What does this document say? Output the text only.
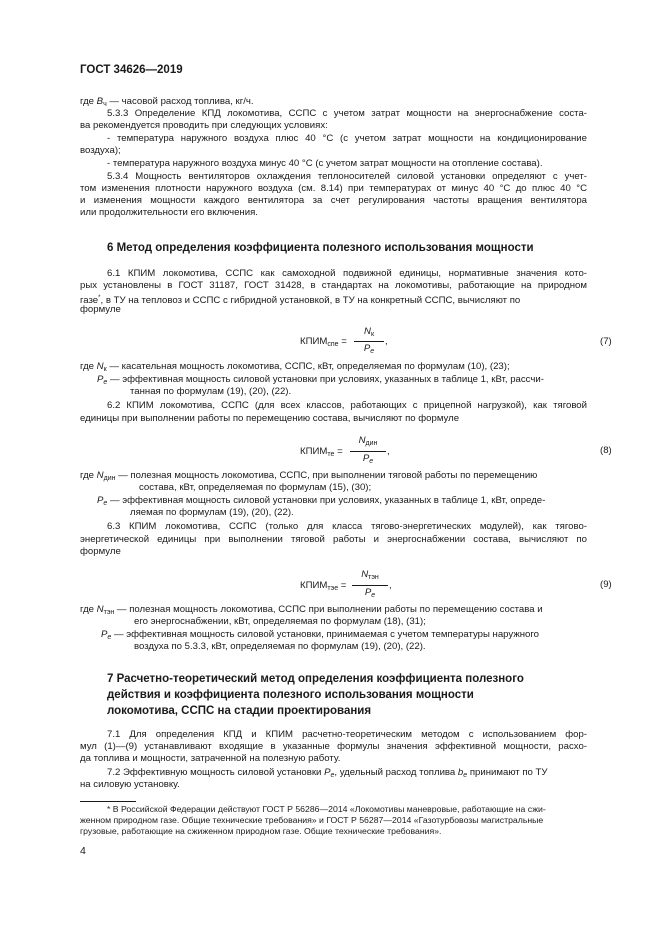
ГОСТ 34626—2019
где $B_ч$ — часовой расход топлива, кг/ч.
5.3.3 Определение КПД локомотива, ССПС с учетом затрат мощности на энергоснабжение соста-
ва рекомендуется проводить при следующих условиях:
- температура наружного воздуха плюс 40 °С (с учетом затрат мощности на кондиционирование
воздуха);
- температура наружного воздуха минус 40 °С (с учетом затрат мощности на отопление состава).
5.3.4 Мощность вентиляторов охлаждения теплоносителей силовой установки определяют с учет-
том изменения плотности наружного воздуха (см. 8.14) при температурах от минус 40 °С до плюс 40 °С
и изменения мощности каждого вентилятора за счет регулирования частоты вращения вентилятора
или продолжительности его включения.
6 Метод определения коэффициента полезного использования мощности
6.1 КПИМ локомотива, ССПС как самоходной подвижной единицы, нормативные значения кото-
рых установлены в ГОСТ 31187, ГОСТ 31428, в стандартах на локомотивы, работающие на природном
газе*, в ТУ на тепловоз и ССПС с гибридной установкой, в ТУ на конкретный ССПС, вычисляют по
формуле
$КПИМ_{спе}$ =
$N_к$
$P_e$
,	(7)
где $N_к$ — касательная мощность локомотива, ССПС, кВт, определяемая по формулам (10), (23);
$P_e$ — эффективная мощность силовой установки при условиях, указанных в таблице 1, кВт, рассчи-
танная по формулам (19), (20), (22).
6.2 КПИМ локомотива, ССПС (для всех классов, работающих с прицепной нагрузкой), как тяговой
единицы при выполнении работы по перемещению состава, вычисляют по формуле
$КПИМ_{те}$ =
$N_{дин}$
$P_e$
,	(8)
где $N_{дин}$ — полезная мощность локомотива, ССПС, при выполнении тяговой работы по перемещению
состава, кВт, определяемая по формулам (15), (30);
$P_e$ — эффективная мощность силовой установки при условиях, указанных в таблице 1, кВт, опреде-
ляемая по формулам (19), (20), (22).
6.3 КПИМ локомотива, ССПС (только для класса тягово-энергетических модулей), как тягово-
энергетической единицы при выполнении тяговой работы и энергоснабжении состава, вычисляют по
формуле
$КПИМ_{тэе}$ =
$N_{тэн}$
$P_e$
,	(9)
где $N_{тэн}$ — полезная мощность локомотива, ССПС при выполнении работы по перемещению состава и
его энергоснабжении, кВт, определяемая по формулам (18), (31);
$P_e$ — эффективная мощность силовой установки, принимаемая с учетом температуры наружного
воздуха по 5.3.3, кВт, определяемая по формулам (19), (20), (22).
7 Расчетно-теоретический метод определения коэффициента полезного
действия и коэффициента полезного использования мощности
локомотива, ССПС на стадии проектирования
7.1 Для определения КПД и КПИМ расчетно-теоретическим методом с использованием фор-
мул (1)—(9) устанавливают входящие в указанные формулы значения эффективной мощности, расхо-
да топлива и мощности, затраченной на полезную работу.
7.2 Эффективную мощность силовой установки $P_e$, удельный расход топлива $b_e$ принимают по ТУ
на силовую установку.
* В Российской Федерации действуют ГОСТ Р 56286—2014 «Локомотивы маневровые, работающие на сжи-
женном природном газе. Общие технические требования» и ГОСТ Р 56287—2014 «Газотурбовозы магистральные
грузовые, работающие на сжиженном природном газе. Общие технические требования».
4
